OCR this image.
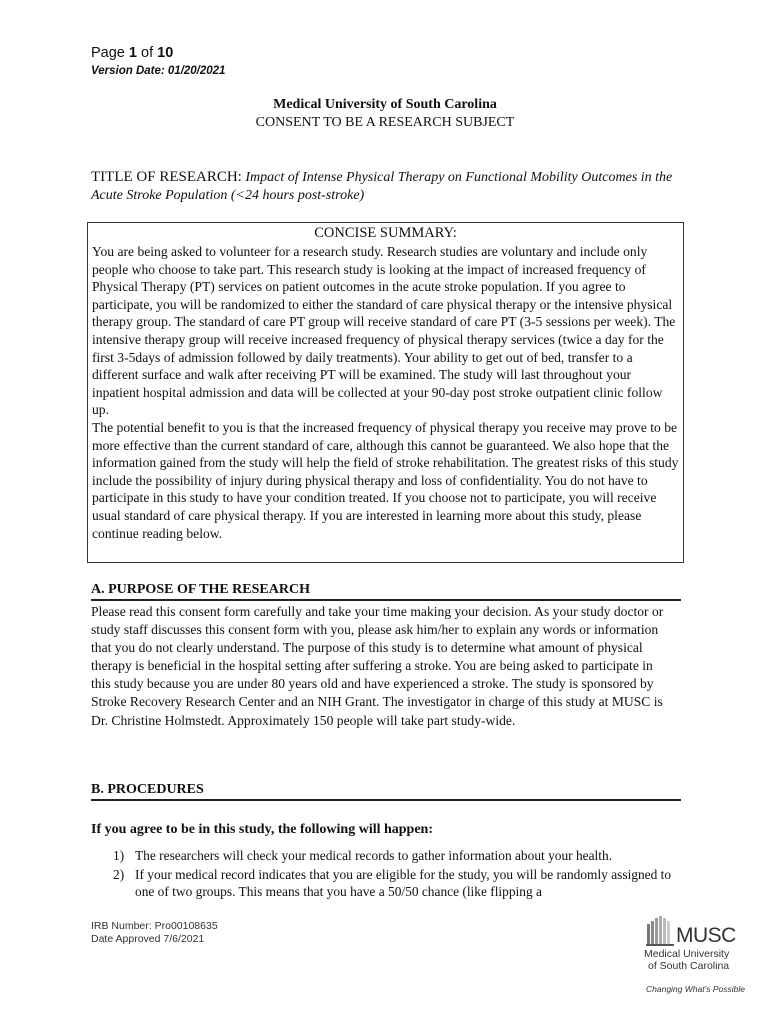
Page 1 of 10
Version Date: 01/20/2021
Medical University of South Carolina
CONSENT TO BE A RESEARCH SUBJECT
TITLE OF RESEARCH: Impact of Intense Physical Therapy on Functional Mobility Outcomes in the Acute Stroke Population (<24 hours post-stroke)
CONCISE SUMMARY:
You are being asked to volunteer for a research study. Research studies are voluntary and include only people who choose to take part. This research study is looking at the impact of increased frequency of Physical Therapy (PT) services on patient outcomes in the acute stroke population. If you agree to participate, you will be randomized to either the standard of care physical therapy or the intensive physical therapy group. The standard of care PT group will receive standard of care PT (3-5 sessions per week). The intensive therapy group will receive increased frequency of physical therapy services (twice a day for the first 3-5days of admission followed by daily treatments). Your ability to get out of bed, transfer to a different surface and walk after receiving PT will be examined. The study will last throughout your inpatient hospital admission and data will be collected at your 90-day post stroke outpatient clinic follow up.
The potential benefit to you is that the increased frequency of physical therapy you receive may prove to be more effective than the current standard of care, although this cannot be guaranteed. We also hope that the information gained from the study will help the field of stroke rehabilitation. The greatest risks of this study include the possibility of injury during physical therapy and loss of confidentiality. You do not have to participate in this study to have your condition treated. If you choose not to participate, you will receive usual standard of care physical therapy. If you are interested in learning more about this study, please continue reading below.
A. PURPOSE OF THE RESEARCH

Please read this consent form carefully and take your time making your decision. As your study doctor or study staff discusses this consent form with you, please ask him/her to explain any words or information that you do not clearly understand. The purpose of this study is to determine what amount of physical therapy is beneficial in the hospital setting after suffering a stroke. You are being asked to participate in this study because you are under 80 years old and have experienced a stroke. The study is sponsored by Stroke Recovery Research Center and an NIH Grant. The investigator in charge of this study at MUSC is Dr. Christine Holmstedt. Approximately 150 people will take part study-wide.

B. PROCEDURES
If you agree to be in this study, the following will happen:
1) The researchers will check your medical records to gather information about your health.
2) If your medical record indicates that you are eligible for the study, you will be randomly assigned to one of two groups. This means that you have a 50/50 chance (like flipping a
IRB Number: Pro00108635
Date Approved 7/6/2021	MUSC
Medical University
of South Carolina
Changing What's Possible
